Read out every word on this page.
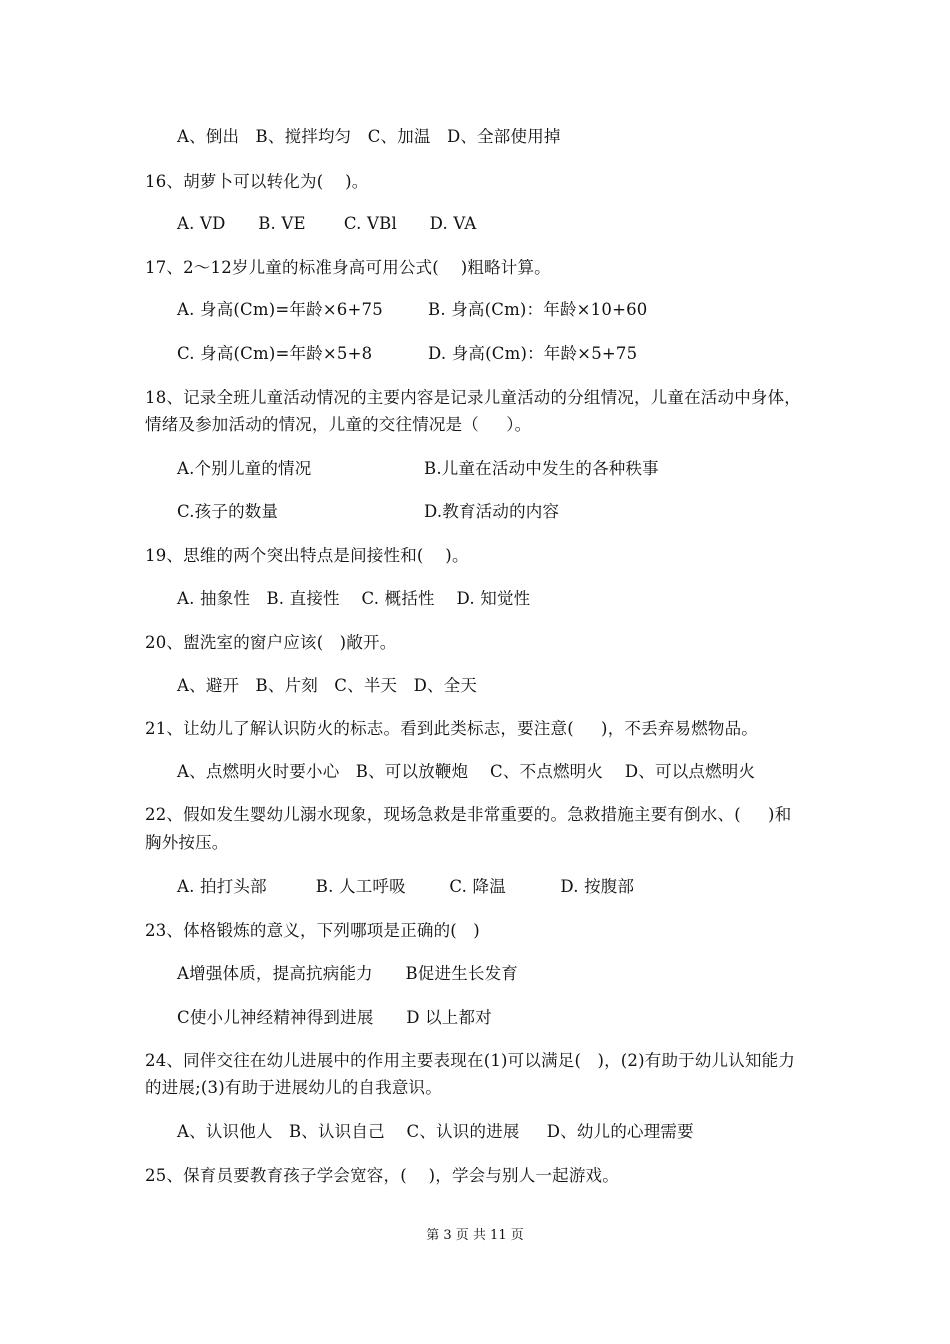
A、倒出   B、搅拌均匀   C、加温   D、全部使用掉
16、胡萝卜可以转化为(    )。
A. VD      B. VE       C. VBl      D. VA
17、2～12岁儿童的标准身高可用公式(    )粗略计算。
A. 身高(Cm)=年龄×6+75	B. 身高(Cm)：年龄×10+60
C. 身高(Cm)=年龄×5+8	D. 身高(Cm)：年龄×5+75
18、记录全班儿童活动情况的主要内容是记录儿童活动的分组情况，儿童在活动中身体，
情绪及参加活动的情况，儿童的交往情况是（     ）。
A.个别儿童的情况	B.儿童在活动中发生的各种秩事
C.孩子的数量	D.教育活动的内容
19、思维的两个突出特点是间接性和(    )。
A. 抽象性   B. 直接性    C. 概括性    D. 知觉性
20、盥洗室的窗户应该(   )敞开。
A、避开   B、片刻   C、半天   D、全天
21、让幼儿了解认识防火的标志。看到此类标志，要注意(     )，不丢弃易燃物品。
A、点燃明火时要小心   B、可以放鞭炮    C、不点燃明火    D、可以点燃明火
22、假如发生婴幼儿溺水现象，现场急救是非常重要的。急救措施主要有倒水、(     )和
胸外按压。
A. 拍打头部         B. 人工呼吸        C. 降温          D. 按腹部
23、体格锻炼的意义，下列哪项是正确的(   )
A增强体质，提高抗病能力      B促进生长发育
C使小儿神经精神得到进展      D 以上都对
24、同伴交往在幼儿进展中的作用主要表现在(1)可以满足(   )，(2)有助于幼儿认知能力
的进展;(3)有助于进展幼儿的自我意识。
A、认识他人   B、认识自己    C、认识的进展     D、幼儿的心理需要
25、保育员要教育孩子学会宽容，(    )，学会与别人一起游戏。
第 3 页 共 11 页
